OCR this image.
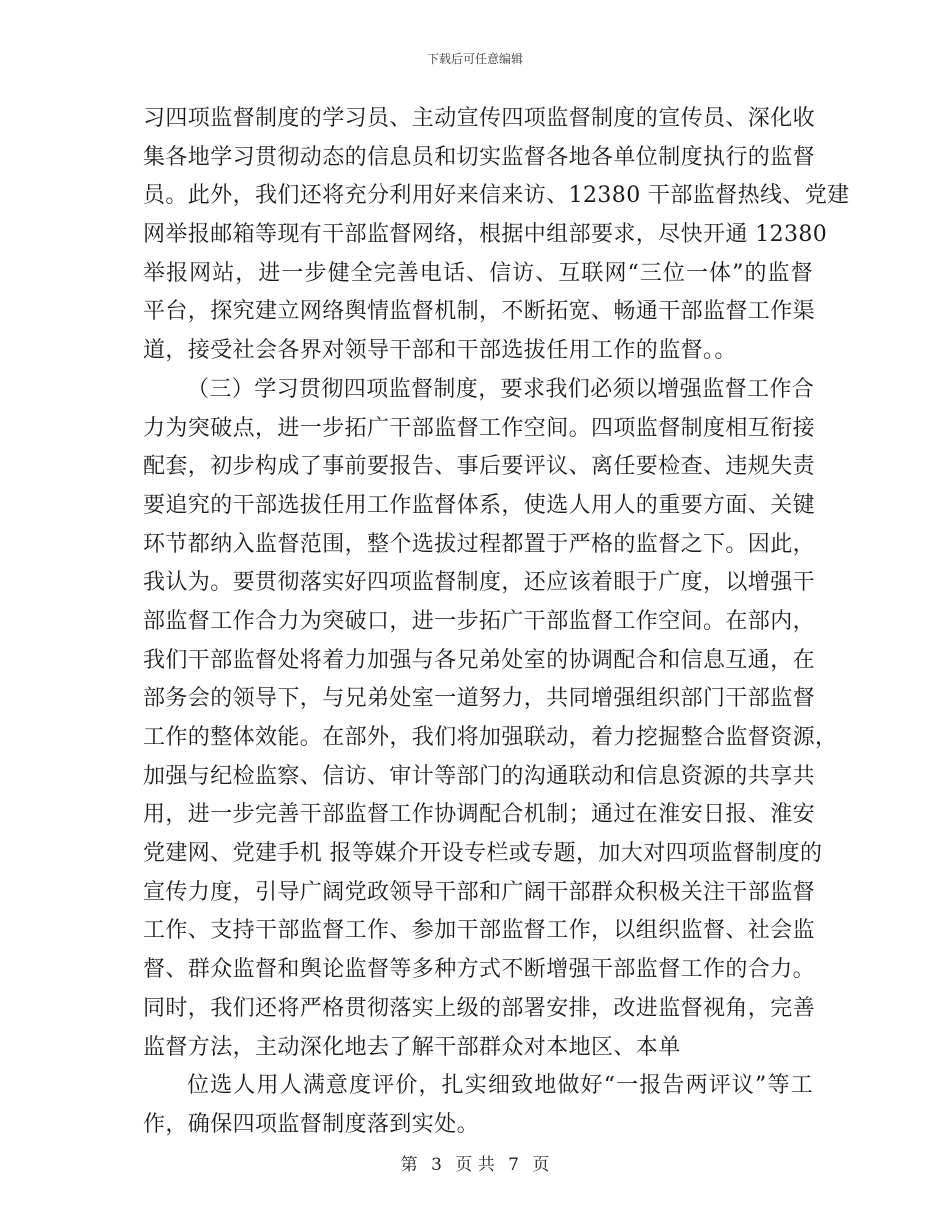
下载后可任意编辑
习四项监督制度的学习员、主动宣传四项监督制度的宣传员、深化收
集各地学习贯彻动态的信息员和切实监督各地各单位制度执行的监督
员。此外，我们还将充分利用好来信来访、12380 干部监督热线、党建
网举报邮箱等现有干部监督网络，根据中组部要求，尽快开通 12380
举报网站，进一步健全完善电话、信访、互联网“三位一体”的监督
平台，探究建立网络舆情监督机制，不断拓宽、畅通干部监督工作渠
道，接受社会各界对领导干部和干部选拔任用工作的监督。。
（三）学习贯彻四项监督制度，要求我们必须以增强监督工作合
力为突破点，进一步拓广干部监督工作空间。四项监督制度相互衔接
配套，初步构成了事前要报告、事后要评议、离任要检查、违规失责
要追究的干部选拔任用工作监督体系，使选人用人的重要方面、关键
环节都纳入监督范围，整个选拔过程都置于严格的监督之下。因此，
我认为。要贯彻落实好四项监督制度，还应该着眼于广度，以增强干
部监督工作合力为突破口，进一步拓广干部监督工作空间。在部内，
我们干部监督处将着力加强与各兄弟处室的协调配合和信息互通，在
部务会的领导下，与兄弟处室一道努力，共同增强组织部门干部监督
工作的整体效能。在部外，我们将加强联动，着力挖掘整合监督资源，
加强与纪检监察、信访、审计等部门的沟通联动和信息资源的共享共
用，进一步完善干部监督工作协调配合机制；通过在淮安日报、淮安
党建网、党建手机 报等媒介开设专栏或专题，加大对四项监督制度的
宣传力度，引导广阔党政领导干部和广阔干部群众积极关注干部监督
工作、支持干部监督工作、参加干部监督工作，以组织监督、社会监
督、群众监督和舆论监督等多种方式不断增强干部监督工作的合力。
同时，我们还将严格贯彻落实上级的部署安排，改进监督视角，完善
监督方法，主动深化地去了解干部群众对本地区、本单
位选人用人满意度评价，扎实细致地做好“一报告两评议”等工
作，确保四项监督制度落到实处。
第 3 页 共 7 页
